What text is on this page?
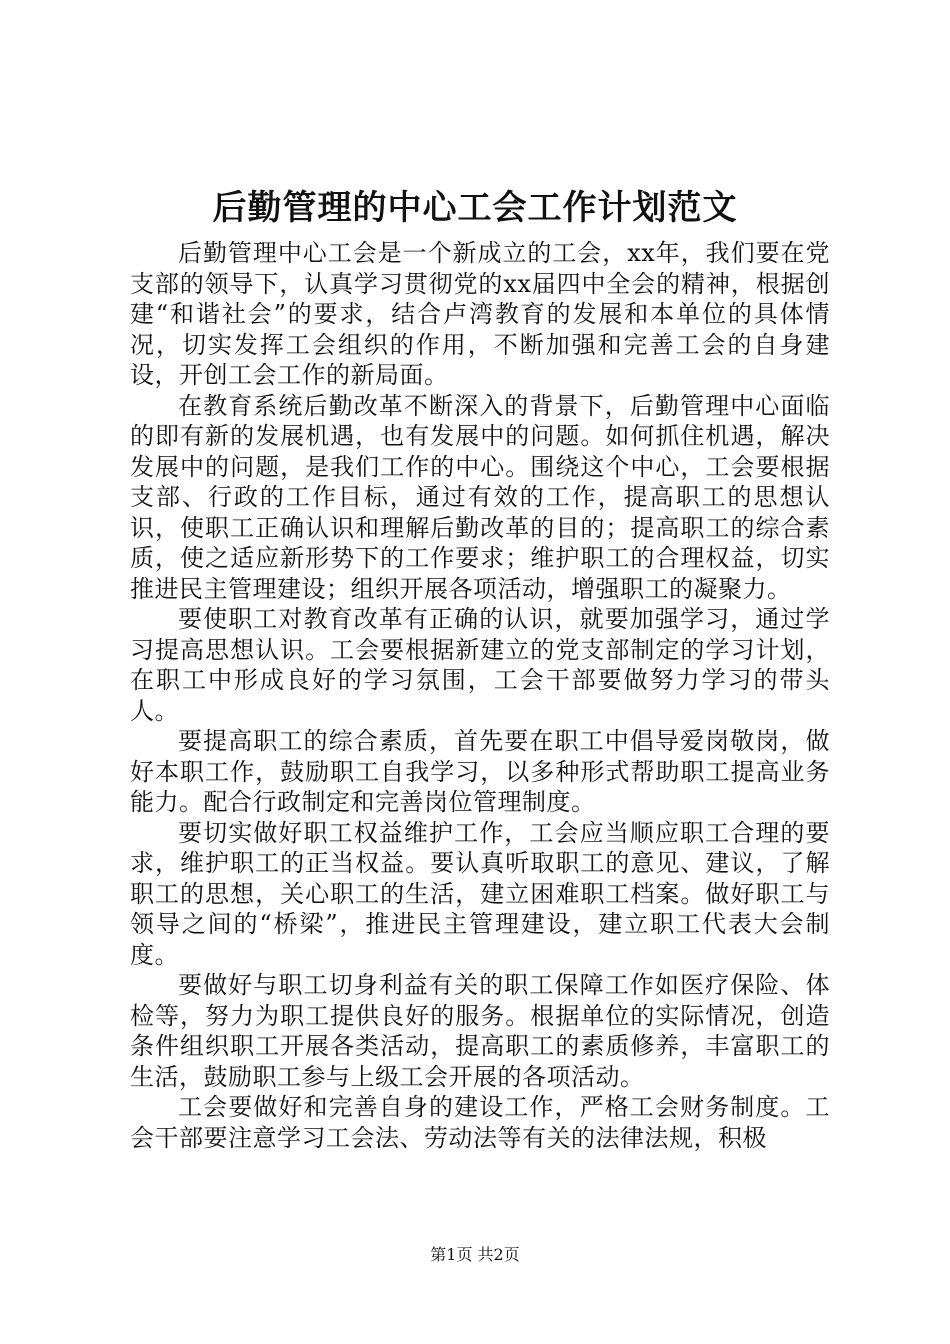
后勤管理的中心工会工作计划范文

后勤管理中心工会是一个新成立的工会，xx年，我们要在党支部的领导下，认真学习贯彻党的xx届四中全会的精神，根据创建“和谐社会”的要求，结合卢湾教育的发展和本单位的具体情况，切实发挥工会组织的作用，不断加强和完善工会的自身建设，开创工会工作的新局面。

在教育系统后勤改革不断深入的背景下，后勤管理中心面临的即有新的发展机遇，也有发展中的问题。如何抓住机遇，解决发展中的问题，是我们工作的中心。围绕这个中心，工会要根据支部、行政的工作目标，通过有效的工作，提高职工的思想认识，使职工正确认识和理解后勤改革的目的；提高职工的综合素质，使之适应新形势下的工作要求；维护职工的合理权益，切实推进民主管理建设；组织开展各项活动，增强职工的凝聚力。

要使职工对教育改革有正确的认识，就要加强学习，通过学习提高思想认识。工会要根据新建立的党支部制定的学习计划，在职工中形成良好的学习氛围，工会干部要做努力学习的带头人。

要提高职工的综合素质，首先要在职工中倡导爱岗敬岗，做好本职工作，鼓励职工自我学习，以多种形式帮助职工提高业务能力。配合行政制定和完善岗位管理制度。

要切实做好职工权益维护工作，工会应当顺应职工合理的要求，维护职工的正当权益。要认真听取职工的意见、建议，了解职工的思想，关心职工的生活，建立困难职工档案。做好职工与领导之间的“桥梁”，推进民主管理建设，建立职工代表大会制度。

要做好与职工切身利益有关的职工保障工作如医疗保险、体检等，努力为职工提供良好的服务。根据单位的实际情况，创造条件组织职工开展各类活动，提高职工的素质修养，丰富职工的生活，鼓励职工参与上级工会开展的各项活动。

工会要做好和完善自身的建设工作，严格工会财务制度。工会干部要注意学习工会法、劳动法等有关的法律法规，积极

第1页 共2页
